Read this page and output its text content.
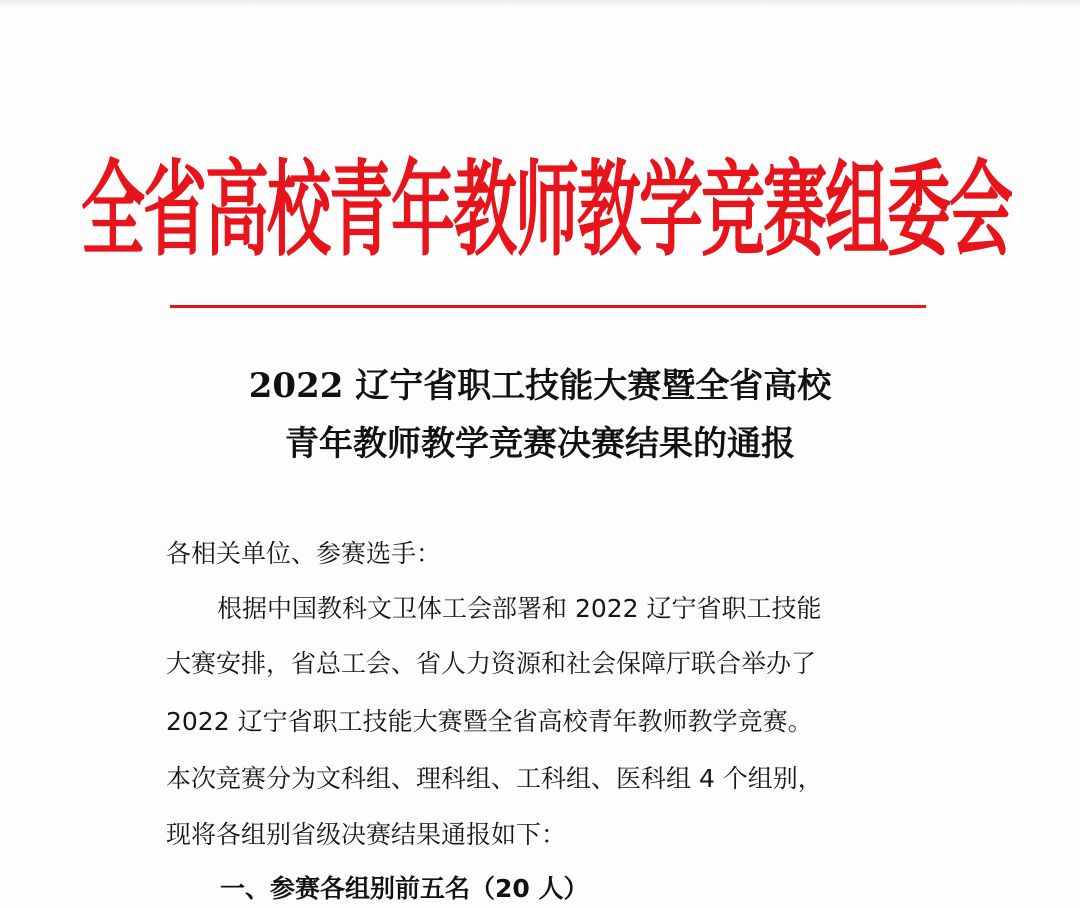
全省高校青年教师教学竞赛组委会
2022 辽宁省职工技能大赛暨全省高校
青年教师教学竞赛决赛结果的通报
各相关单位、参赛选手：
根据中国教科文卫体工会部署和 2022 辽宁省职工技能
大赛安排，省总工会、省人力资源和社会保障厅联合举办了
2022 辽宁省职工技能大赛暨全省高校青年教师教学竞赛。
本次竞赛分为文科组、理科组、工科组、医科组 4 个组别，
现将各组别省级决赛结果通报如下：
一、参赛各组别前五名（20 人）
